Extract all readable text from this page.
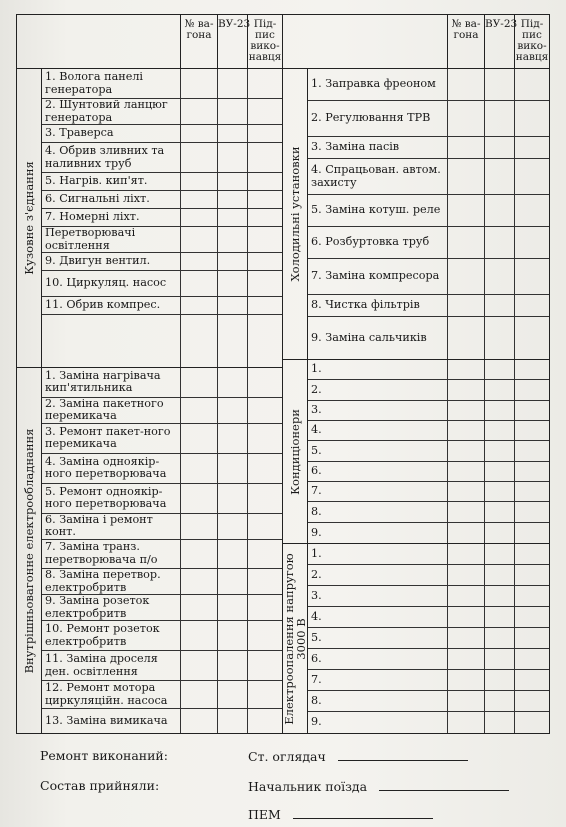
№ ва-гона
ВУ-23 Під-пис вико-навця
Кузовне з'єднання
1. Вологa панелі генератора
2. Шунтовий ланцюг генератора
3. Траверса
4. Обрив зливних та наливних труб
5. Нагрів. кип'ят.
6. Сигнальні ліхт.
7. Номерні ліхт.
Перетворювачі освітлення
9. Двигун вентил.
10. Циркуляц. насос
11. Обрив компрес.
Внутрішньовагонне електрообладнання
1. Заміна нагрівача кип'ятильника
2. Заміна пакетного перемикача
3. Ремонт пакет-ного перемикача
4. Заміна одноякір-ного перетворювача
5. Ремонт одноякір-ного перетворювача
6. Заміна і ремонт конт.
7. Заміна транз. перетворювача п/о
8. Заміна перетвор. електробритв
9. Заміна розеток електробритв
10. Ремонт розеток електробритв
11. Заміна дроселя ден. освітлення
12. Ремонт мотора циркуляційн. насоса
13. Заміна вимикача
№ ва-гона
ВУ-23 Під-пис вико-навця
Холодильні установки
1. Заправка фреоном
2. Регулювання ТРВ
3. Заміна пасів
4. Спрацьован. автом. захисту
5. Заміна котуш. реле
6. Розбуртовка труб
7. Заміна компресора
8. Чистка фільтрів
9. Заміна сальчиків
Кондиціонери
1.
2.
3.
4.
5.
6.
7.
8.
9.
Електроопалення напругою 3000 В
1.
2.
3.
4.
5.
6.
7.
8.
9.
Ремонт виконаний:	Ст. оглядач
Состав прийняли:	Начальник поїзда
ПЕМ
